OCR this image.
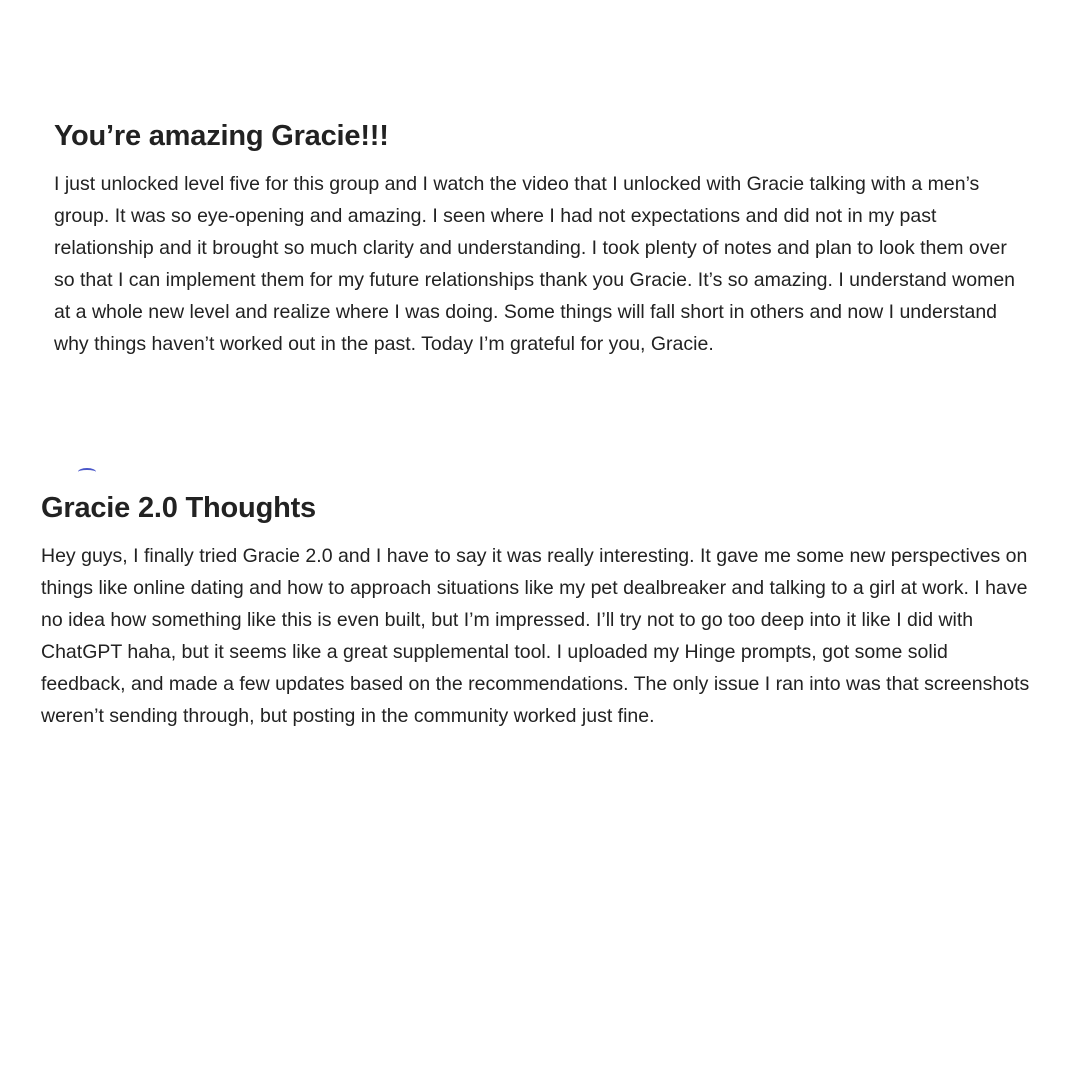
You’re amazing Gracie!!!

I just unlocked level five for this group and I watch the video that I unlocked with Gracie talking with a men’s group. It was so eye-opening and amazing. I seen where I had not expectations and did not in my past relationship and it brought so much clarity and understanding. I took plenty of notes and plan to look them over so that I can implement them for my future relationships thank you Gracie. It’s so amazing. I understand women at a whole new level and realize where I was doing. Some things will fall short in others and now I understand why things haven’t worked out in the past. Today I’m grateful for you, Gracie.

Gracie 2.0 Thoughts

Hey guys, I finally tried Gracie 2.0 and I have to say it was really interesting. It gave me some new perspectives on things like online dating and how to approach situations like my pet dealbreaker and talking to a girl at work. I have no idea how something like this is even built, but I’m impressed. I’ll try not to go too deep into it like I did with ChatGPT haha, but it seems like a great supplemental tool. I uploaded my Hinge prompts, got some solid feedback, and made a few updates based on the recommendations. The only issue I ran into was that screenshots weren’t sending through, but posting in the community worked just fine.
